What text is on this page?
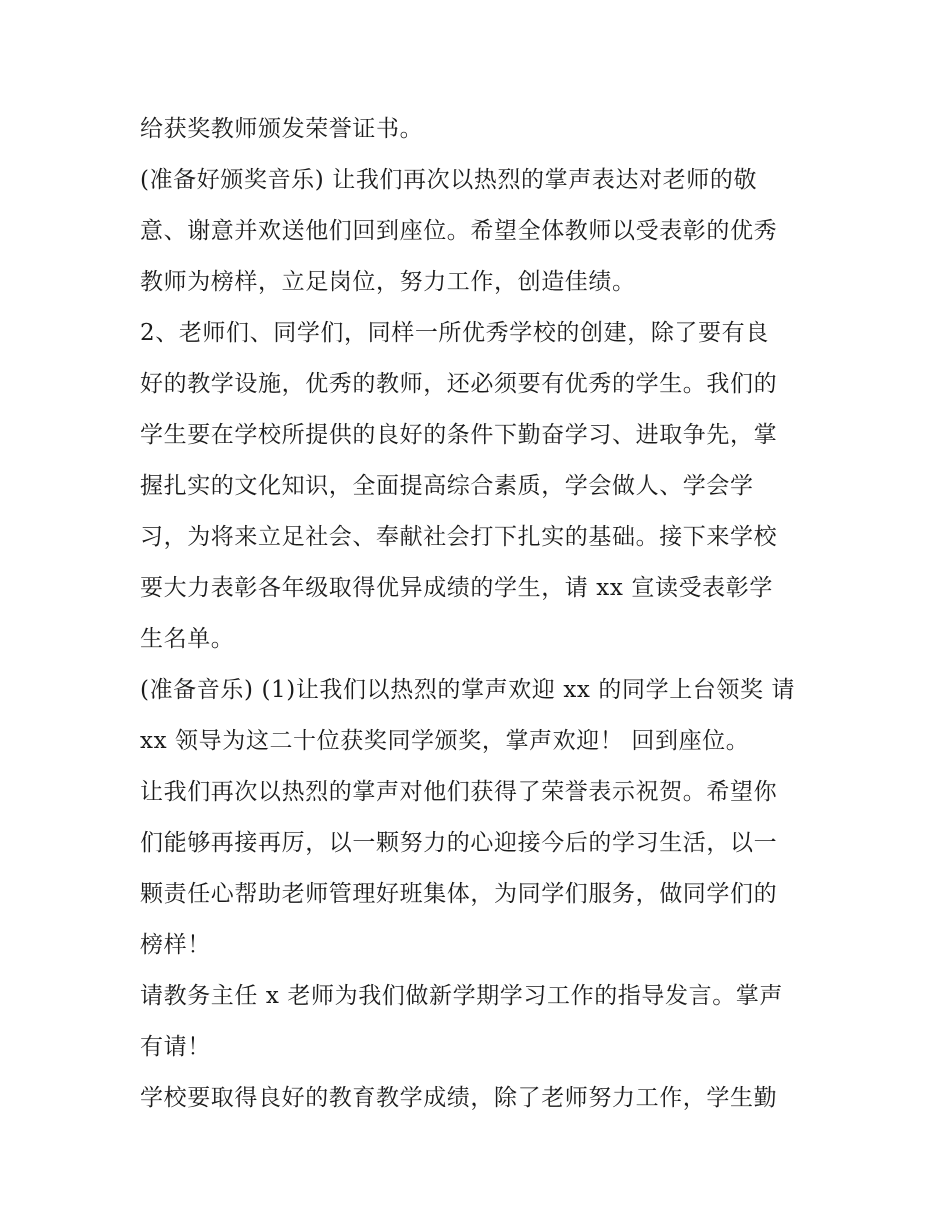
给获奖教师颁发荣誉证书。
(准备好颁奖音乐) 让我们再次以热烈的掌声表达对老师的敬
意、谢意并欢送他们回到座位。希望全体教师以受表彰的优秀
教师为榜样，立足岗位，努力工作，创造佳绩。
2、老师们、同学们，同样一所优秀学校的创建，除了要有良
好的教学设施，优秀的教师，还必须要有优秀的学生。我们的
学生要在学校所提供的良好的条件下勤奋学习、进取争先，掌
握扎实的文化知识，全面提高综合素质，学会做人、学会学
习，为将来立足社会、奉献社会打下扎实的基础。接下来学校
要大力表彰各年级取得优异成绩的学生，请 xx 宣读受表彰学
生名单。
(准备音乐) (1)让我们以热烈的掌声欢迎 xx 的同学上台领奖 请
xx 领导为这二十位获奖同学颁奖，掌声欢迎！ 回到座位。
让我们再次以热烈的掌声对他们获得了荣誉表示祝贺。希望你
们能够再接再厉，以一颗努力的心迎接今后的学习生活，以一
颗责任心帮助老师管理好班集体，为同学们服务，做同学们的
榜样！
请教务主任 x 老师为我们做新学期学习工作的指导发言。掌声
有请！
学校要取得良好的教育教学成绩，除了老师努力工作，学生勤
